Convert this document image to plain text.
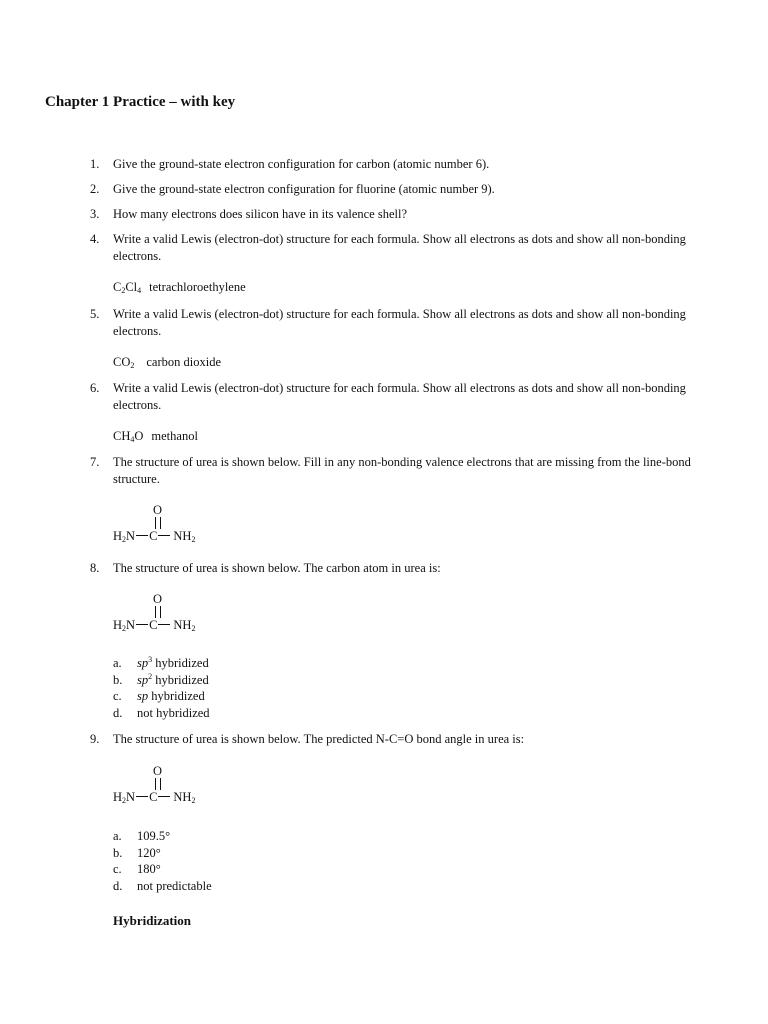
Chapter 1 Practice – with key
1.	Give the ground-state electron configuration for carbon (atomic number 6).
2.	Give the ground-state electron configuration for fluorine (atomic number 9).
3.	How many electrons does silicon have in its valence shell?
4.	Write a valid Lewis (electron-dot) structure for each formula. Show all electrons as dots and show all non-bonding electrons.
$C_2Cl_4$ tetrachloroethylene
5.	Write a valid Lewis (electron-dot) structure for each formula. Show all electrons as dots and show all non-bonding electrons.
$CO_2$ carbon dioxide
6.	Write a valid Lewis (electron-dot) structure for each formula. Show all electrons as dots and show all non-bonding electrons.
$CH_4O$ methanol
7.	The structure of urea is shown below. Fill in any non-bonding valence electrons that are missing from the line-bond structure.
O
$H_2N$ C $NH_2$
8.	The structure of urea is shown below. The carbon atom in urea is:
O
$H_2N$ C $NH_2$
a. $sp^3$ hybridized
b. $sp^2$ hybridized
c. sp hybridized
d. not hybridized
9.	The structure of urea is shown below. The predicted N-C=O bond angle in urea is:
O
$H_2N$ C $NH_2$
a. 109.5°
b. 120°
c. 180°
d. not predictable
Hybridization
